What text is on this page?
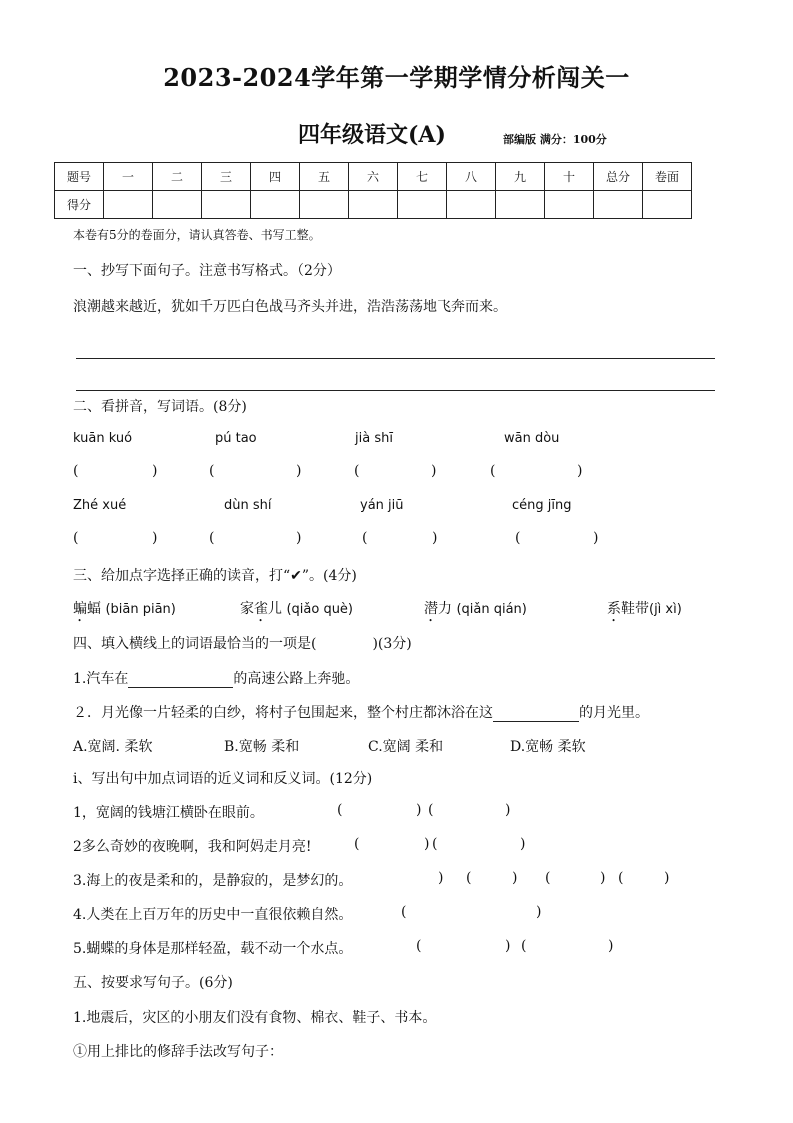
2023-2024学年第一学期学情分析闯关一
四年级语文(A)	部编版 满分：100分
题号	一	二	三	四	五	六	七	八	九	十	总分	卷面
得分												
本卷有5分的卷面分，请认真答卷、书写工整。
一、抄写下面句子。注意书写格式。（2分）
浪潮越来越近，犹如千万匹白色战马齐头并进，浩浩荡荡地飞奔而来。
二、看拼音，写词语。(8分)
kuān kuó	pú tao	jià shī	wān dòu
(	)	(	)	(	)	(	)
Zhé xué	dùn shí	yán jiū	céng jīng
(	)	(	)	(	)	(	)
三、给加点字选择正确的读音，打“✔”。(4分)
蝙蝠 (biān piān)	家雀儿 (qiǎo què)	潜力 (qiǎn qián)	系鞋带(jì xì)
四、填入横线上的词语最恰当的一项是(	)(3分)
1.汽车在	的高速公路上奔驰。
２．月光像一片轻柔的白纱，将村子包围起来，整个村庄都沐浴在这	的月光里。
A.宽阔. 柔软	B.宽畅 柔和	C.宽阔 柔和	D.宽畅 柔软
i、写出句中加点词语的近义词和反义词。(12分)
1，宽阔的钱塘江横卧在眼前。	(	) (	)
2多么奇妙的夜晚啊，我和阿妈走月亮!	(	) (	)
3.海上的夜是柔和的，是静寂的，是梦幻的。	) (	) (	) (	)
4.人类在上百万年的历史中一直很依赖自然。	(	)
5.蝴蝶的身体是那样轻盈，载不动一个水点。	(	) (	)
五、按要求写句子。(6分)
1.地震后，灾区的小朋友们没有食物、棉衣、鞋子、书本。
①用上排比的修辞手法改写句子：
